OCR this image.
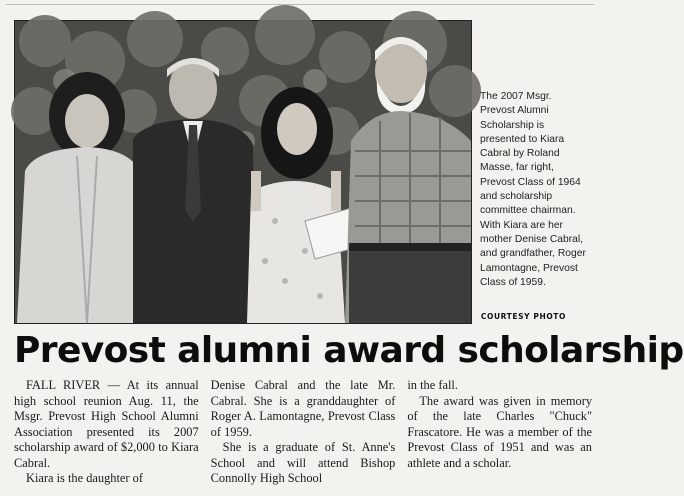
The 2007 Msgr. Prevost Alumni Scholarship is presented to Kiara Cabral by Roland Masse, far right, Prevost Class of 1964 and scholarship committee chairman. With Kiara are her mother Denise Cabral, and grandfather, Roger Lamontagne, Prevost Class of 1959.
COURTESY PHOTO
Prevost alumni award scholarship

FALL RIVER — At its annual high school reunion Aug. 11, the Msgr. Prevost High School Alumni Association presented its 2007 scholarship award of $2,000 to Kiara Cabral.

Kiara is the daughter of

Denise Cabral and the late Mr. Cabral. She is a granddaughter of Roger A. Lamontagne, Prevost Class of 1959.

She is a graduate of St. Anne's School and will attend Bishop Connolly High School

in the fall.

The award was given in memory of the late Charles "Chuck" Frascatore. He was a member of the Prevost Class of 1951 and was an athlete and a scholar.
